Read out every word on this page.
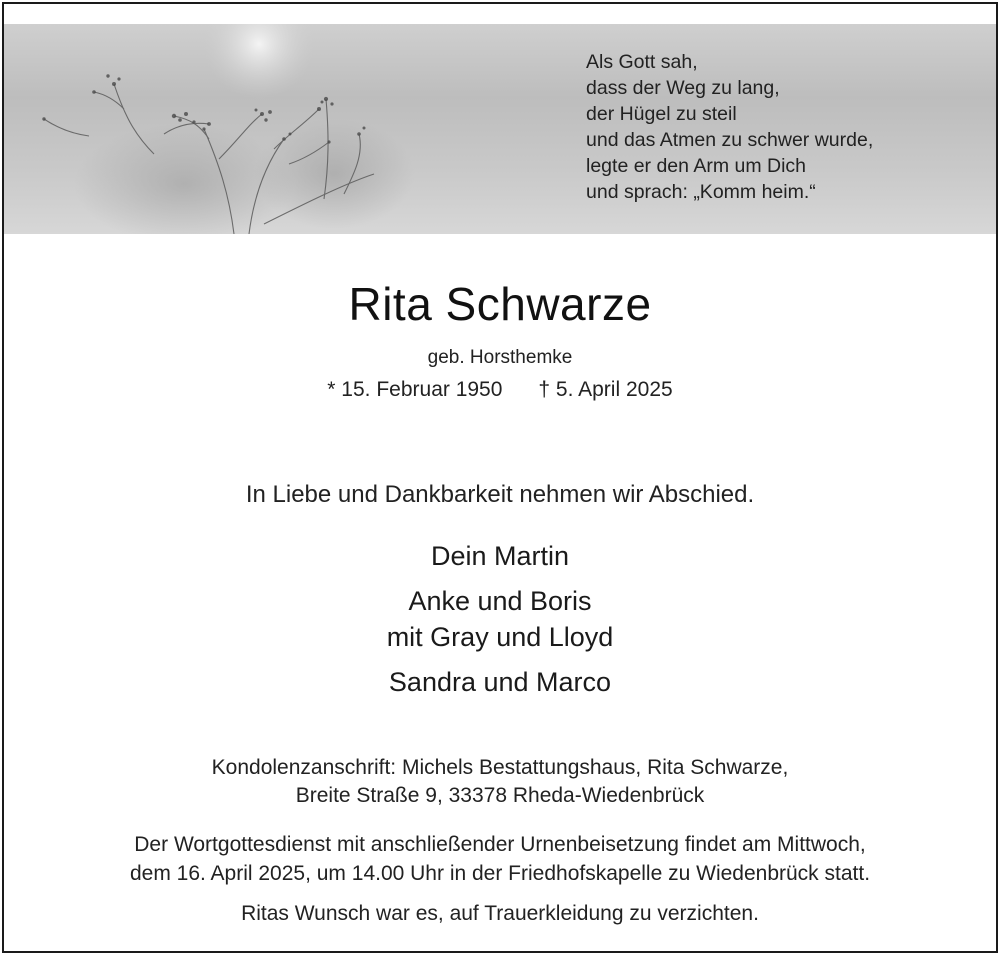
Als Gott sah,
dass der Weg zu lang,
der Hügel zu steil
und das Atmen zu schwer wurde,
legte er den Arm um Dich
und sprach: „Komm heim.“
Rita Schwarze
geb. Horsthemke
* 15. Februar 1950 † 5. April 2025
In Liebe und Dankbarkeit nehmen wir Abschied.
Dein Martin
Anke und Boris
mit Gray und Lloyd
Sandra und Marco
Kondolenzanschrift: Michels Bestattungshaus, Rita Schwarze,
Breite Straße 9, 33378 Rheda-Wiedenbrück
Der Wortgottesdienst mit anschließender Urnenbeisetzung findet am Mittwoch,
dem 16. April 2025, um 14.00 Uhr in der Friedhofskapelle zu Wiedenbrück statt.
Ritas Wunsch war es, auf Trauerkleidung zu verzichten.
